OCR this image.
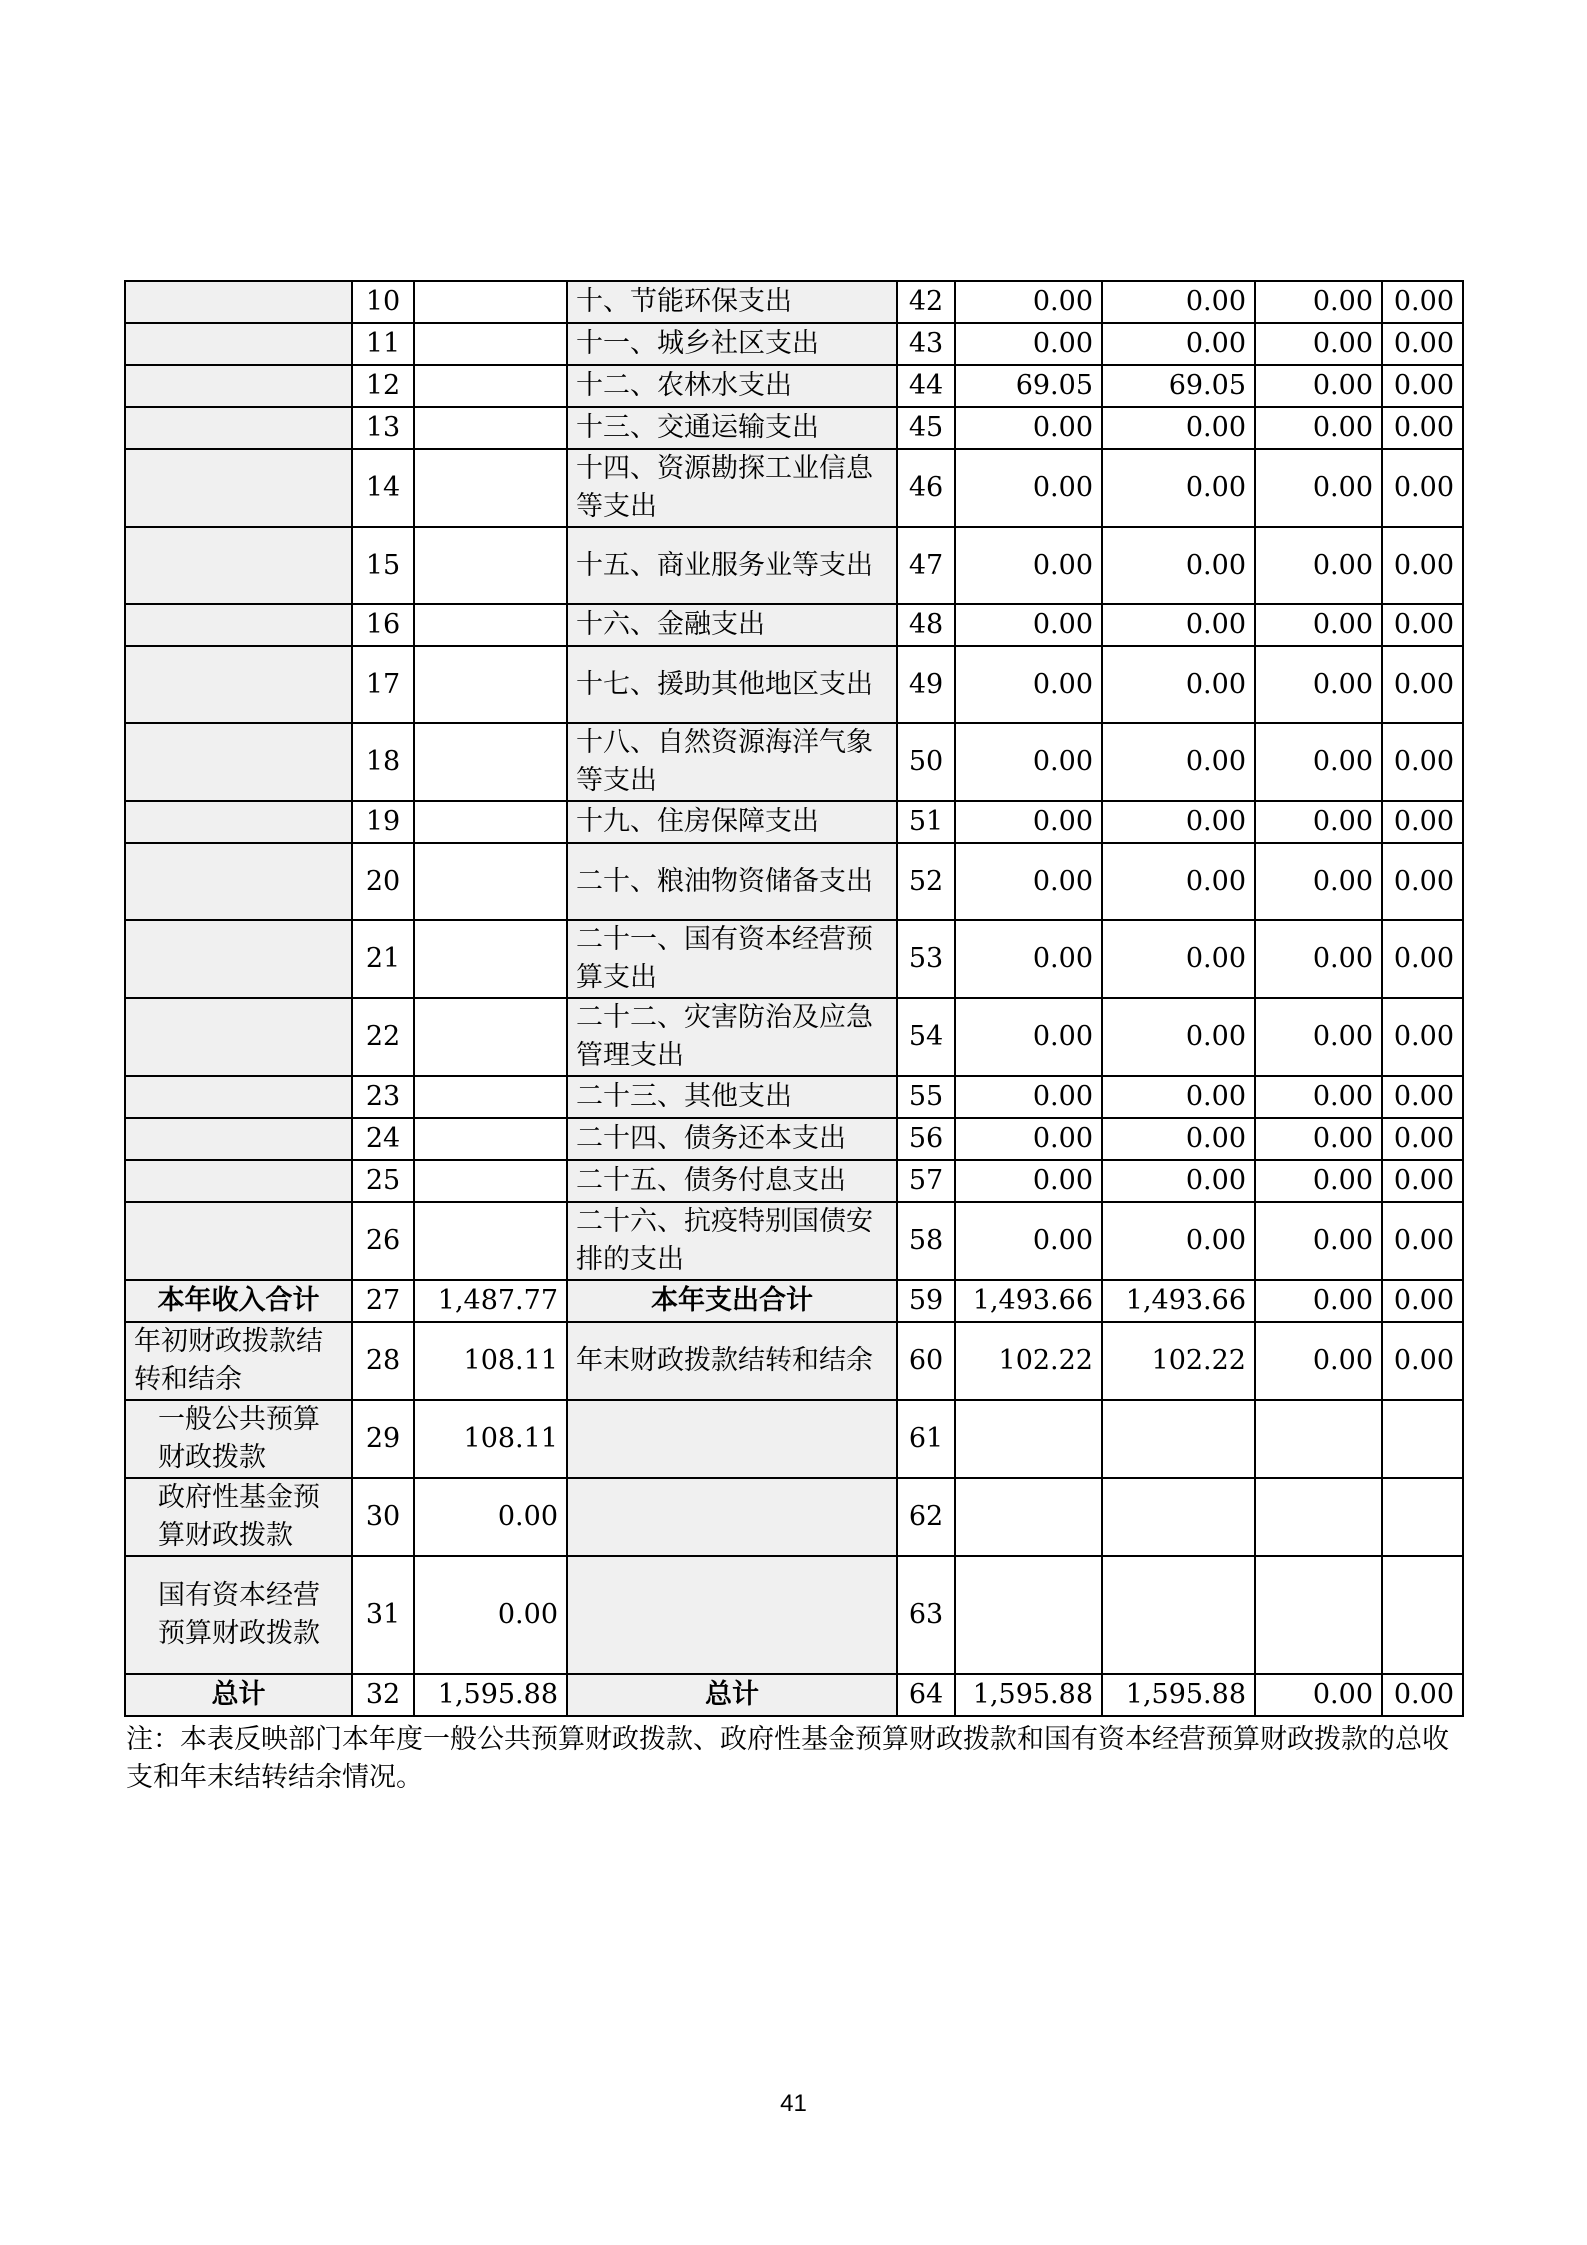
	10		十、节能环保支出	42	0.00	0.00	0.00	0.00
	11		十一、城乡社区支出	43	0.00	0.00	0.00	0.00
	12		十二、农林水支出	44	69.05	69.05	0.00	0.00
	13		十三、交通运输支出	45	0.00	0.00	0.00	0.00
	14		十四、资源勘探工业信息等支出	46	0.00	0.00	0.00	0.00
	15		十五、商业服务业等支出	47	0.00	0.00	0.00	0.00
	16		十六、金融支出	48	0.00	0.00	0.00	0.00
	17		十七、援助其他地区支出	49	0.00	0.00	0.00	0.00
	18		十八、自然资源海洋气象等支出	50	0.00	0.00	0.00	0.00
	19		十九、住房保障支出	51	0.00	0.00	0.00	0.00
	20		二十、粮油物资储备支出	52	0.00	0.00	0.00	0.00
	21		二十一、国有资本经营预算支出	53	0.00	0.00	0.00	0.00
	22		二十二、灾害防治及应急管理支出	54	0.00	0.00	0.00	0.00
	23		二十三、其他支出	55	0.00	0.00	0.00	0.00
	24		二十四、债务还本支出	56	0.00	0.00	0.00	0.00
	25		二十五、债务付息支出	57	0.00	0.00	0.00	0.00
	26		二十六、抗疫特别国债安排的支出	58	0.00	0.00	0.00	0.00
本年收入合计	27	1,487.77	本年支出合计	59	1,493.66	1,493.66	0.00	0.00
年初财政拨款结转和结余	28	108.11	年末财政拨款结转和结余	60	102.22	102.22	0.00	0.00
一般公共预算财政拨款	29	108.11		61				
政府性基金预算财政拨款	30	0.00		62				
国有资本经营预算财政拨款	31	0.00		63				
总计	32	1,595.88	总计	64	1,595.88	1,595.88	0.00	0.00
注：本表反映部门本年度一般公共预算财政拨款、政府性基金预算财政拨款和国有资本经营预算财政拨款的总收支和年末结转结余情况。
41
